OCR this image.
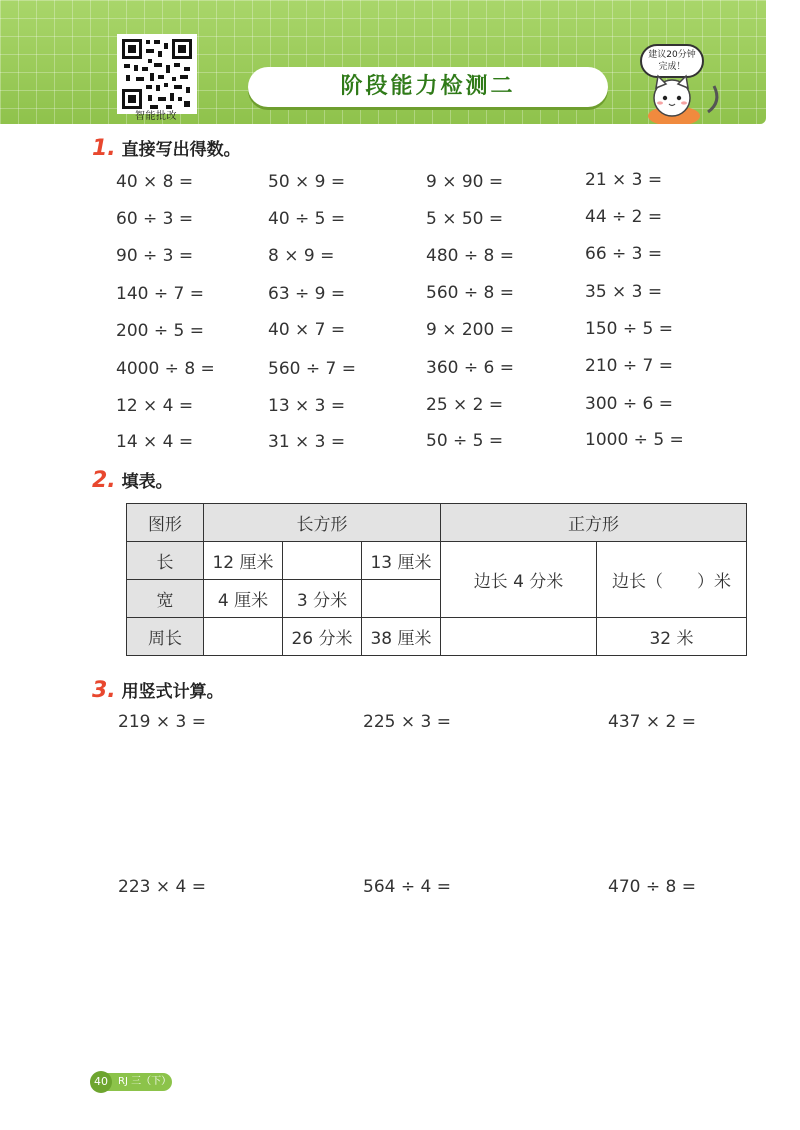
智能批改
阶段能力检测二
建议20分钟
完成！
1. 直接写出得数。
40 × 8 =	50 × 9 =	9 × 90 =	21 × 3 =
60 ÷ 3 =	40 ÷ 5 =	5 × 50 =	44 ÷ 2 =
90 ÷ 3 =	8 × 9 =	480 ÷ 8 =	66 ÷ 3 =
140 ÷ 7 =	63 ÷ 9 =	560 ÷ 8 =	35 × 3 =
200 ÷ 5 =	40 × 7 =	9 × 200 =	150 ÷ 5 =
4000 ÷ 8 =	560 ÷ 7 =	360 ÷ 6 =	210 ÷ 7 =
12 × 4 =	13 × 3 =	25 × 2 =	300 ÷ 6 =
14 × 4 =	31 × 3 =	50 ÷ 5 =	1000 ÷ 5 =
2. 填表。
图形	长方形			正方形	
长	12 厘米		13 厘米	边长 4 分米	边长（　　）米
宽	4 厘米	3 分米			
周长		26 分米	38 厘米		32 米
3. 用竖式计算。
219 × 3 =	225 × 3 =	437 × 2 =
223 × 4 =	564 ÷ 4 =	470 ÷ 8 =
40	RJ 三（下）
